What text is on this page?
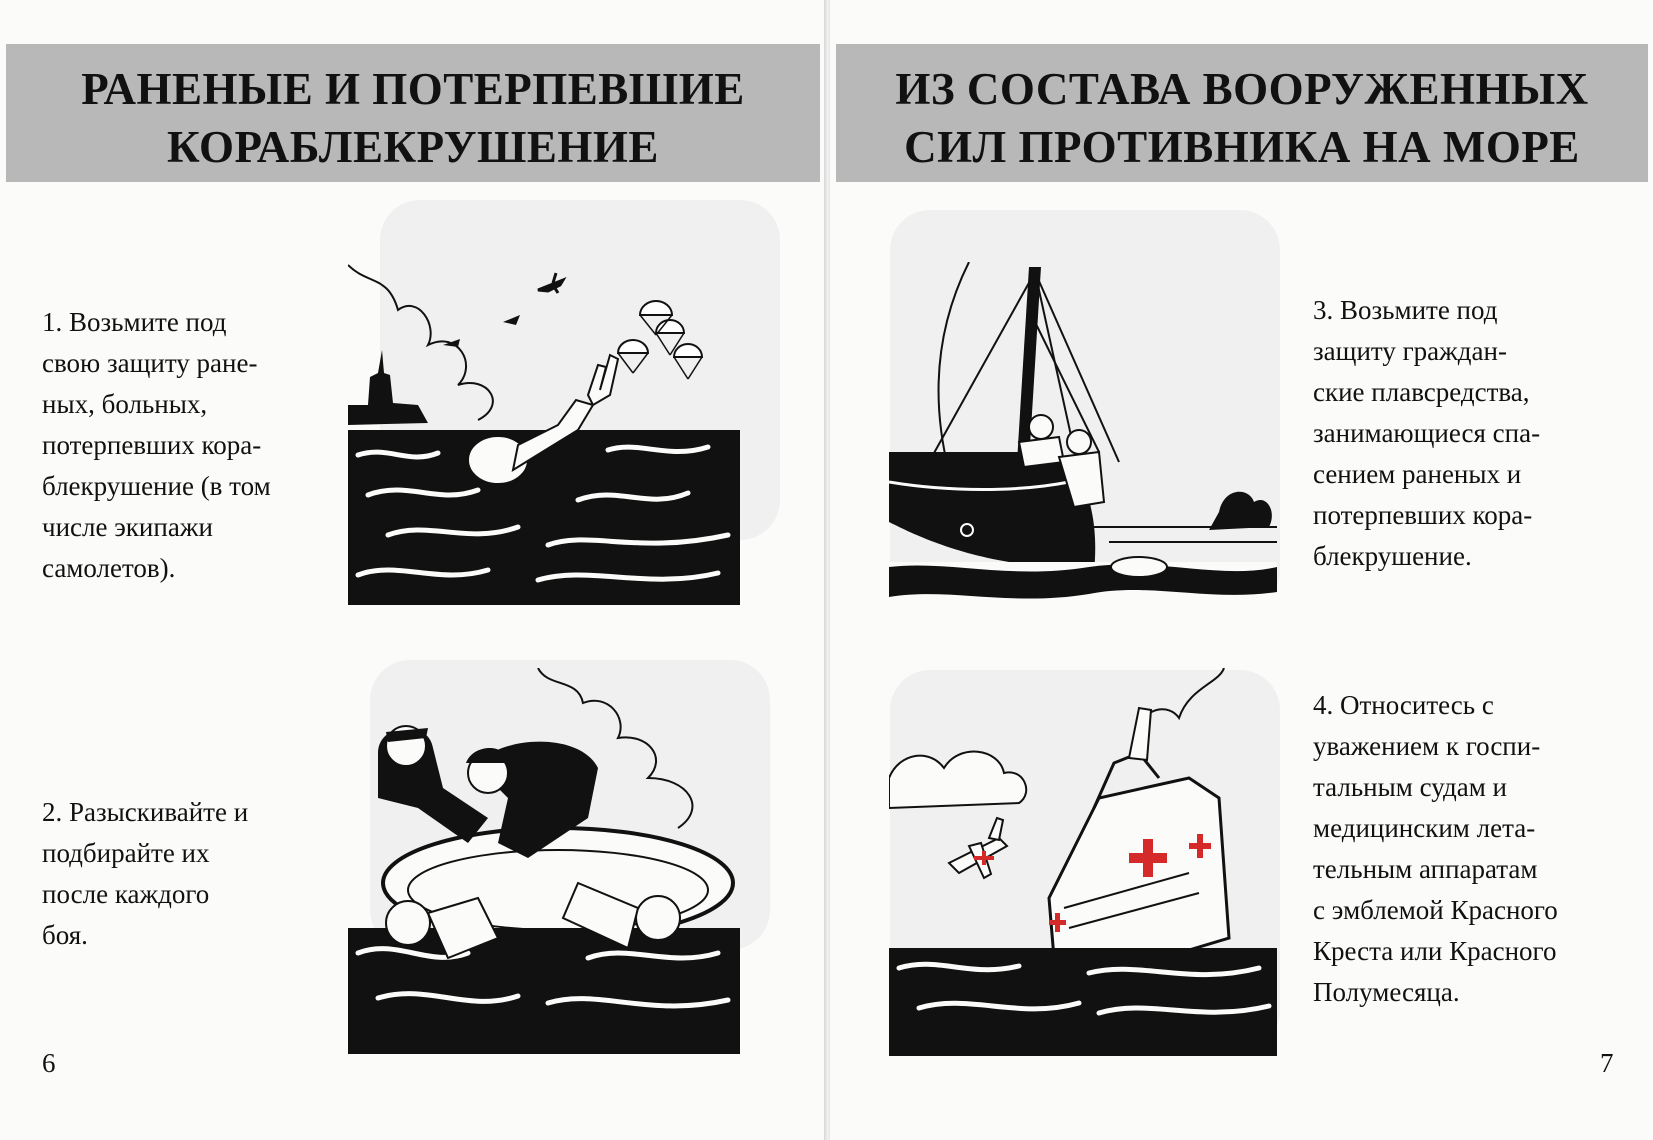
РАНЕНЫЕ И ПОТЕРПЕВШИЕ
КОРАБЛЕКРУШЕНИЕ
1. Возьмите под
свою защиту ране-
ных, больных,
потерпевших кора-
блекрушение (в том
числе экипажи
самолетов).
2. Разыскивайте и
подбирайте их
после каждого
боя.
6
ИЗ СОСТАВА ВООРУЖЕННЫХ
СИЛ ПРОТИВНИКА НА МОРЕ
3. Возьмите под
защиту граждан-
ские плавсредства,
занимающиеся спа-
сением раненых и
потерпевших кора-
блекрушение.
4. Относитесь с
уважением к госпи-
тальным судам и
медицинским лета-
тельным аппаратам
с эмблемой Красного
Креста или Красного
Полумесяца.
7
